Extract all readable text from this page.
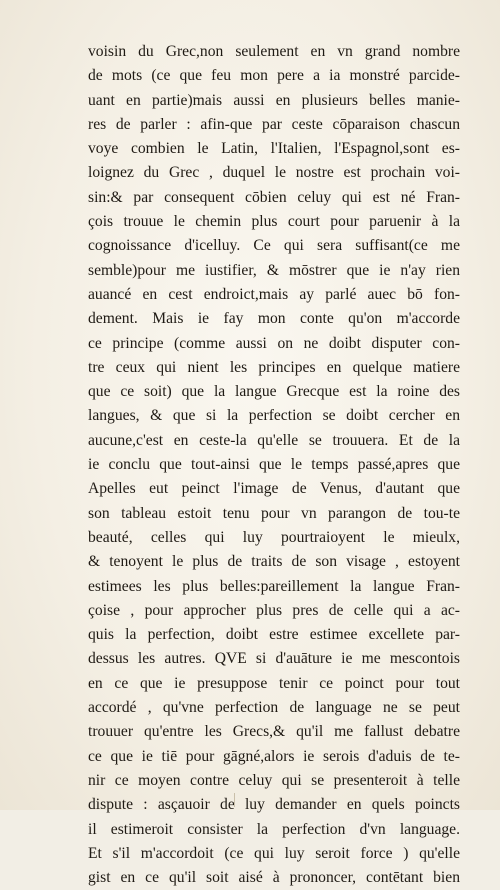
voisin du Grec,non seulement en vn grand nombre
de mots (ce que feu mon pere a ia monstré parcide-
uant en partie)mais aussi en plusieurs belles manie-
res de parler : afin-que par ceste cōparaison chascun
voye combien le Latin, l'Italien, l'Espagnol,sont es-
loignez du Grec , duquel le nostre est prochain voi-
sin:& par consequent cōbien celuy qui est né Fran-
çois trouue le chemin plus court pour paruenir à la
cognoissance d'icelluy. Ce qui sera suffisant(ce me
semble)pour me iustifier, & mōstrer que ie n'ay rien
auancé en cest endroict,mais ay parlé auec bō fon-
dement. Mais ie fay mon conte qu'on m'accorde
ce principe (comme aussi on ne doibt disputer con-
tre ceux qui nient les principes en quelque matiere
que ce soit) que la langue Grecque est la roine des
langues, & que si la perfection se doibt cercher en
aucune,c'est en ceste-la qu'elle se trouuera. Et de la
ie conclu que tout-ainsi que le temps passé,apres que
Apelles eut peinct l'image de Venus, d'autant que
son tableau estoit tenu pour vn parangon de tou-te
beauté, celles qui luy pourtraioyent le mieulx,
& tenoyent le plus de traits de son visage , estoyent
estimees les plus belles:pareillement la langue Fran-
çoise , pour approcher plus pres de celle qui a ac-
quis la perfection, doibt estre estimee excellete par-
dessus les autres. QVE si d'auāture ie me mescontois
en ce que ie presuppose tenir ce poinct pour tout
accordé , qu'vne perfection de language ne se peut
trouuer qu'entre les Grecs,& qu'il me fallust debatre
ce que ie tiē pour gāgné,alors ie serois d'aduis de te-
nir ce moyen contre celuy qui se presenteroit à telle
dispute : asçauoir de luy demander en quels poincts
il estimeroit consister la perfection d'vn language.
Et s'il m'accordoit (ce qui luy seroit force ) qu'elle
gist en ce qu'il soit aisé à prononcer, contētant bien
